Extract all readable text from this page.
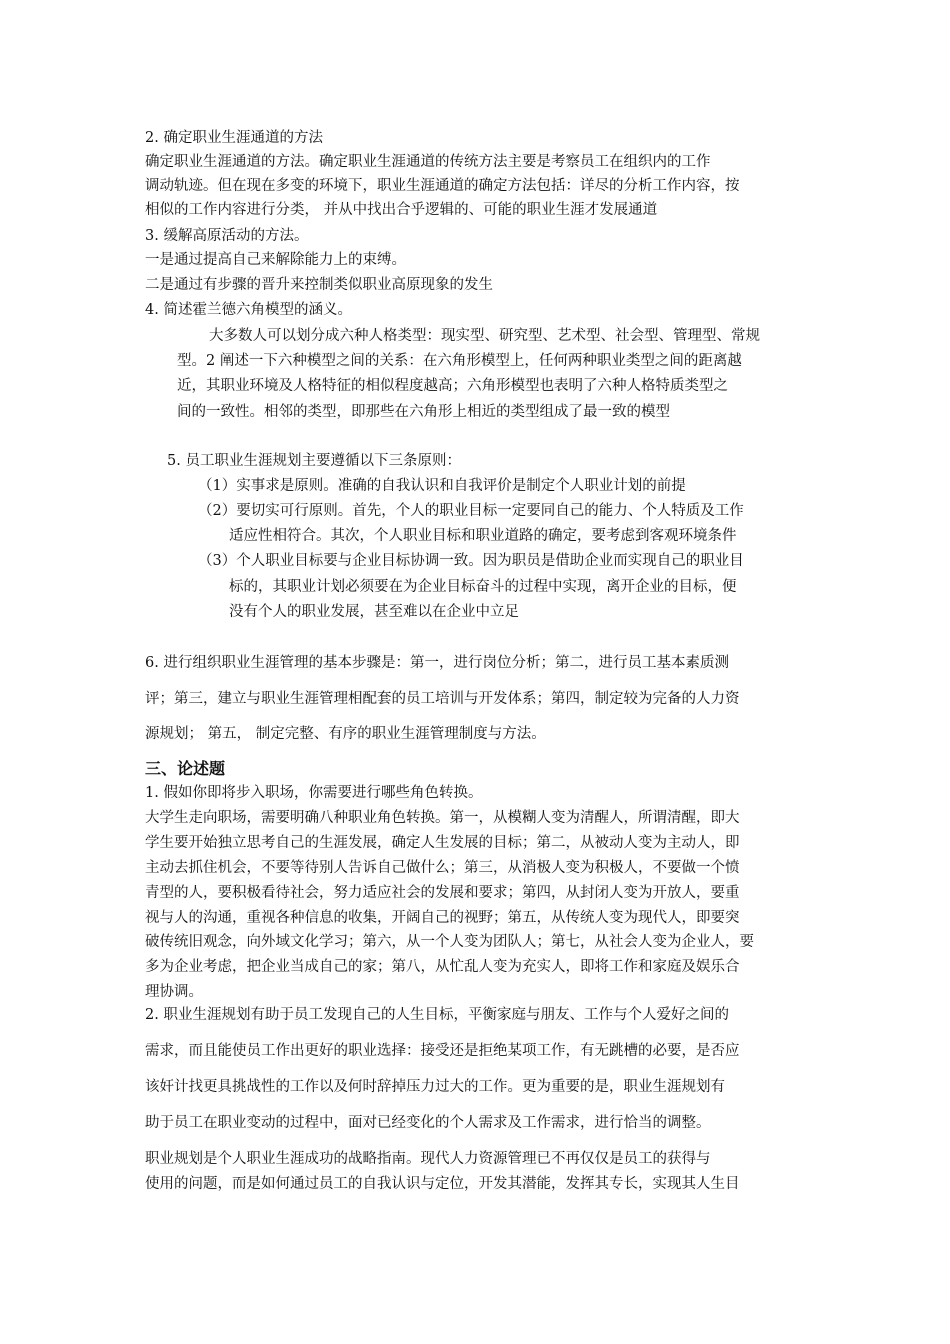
2. 确定职业生涯通道的方法
确定职业生涯通道的方法。确定职业生涯通道的传统方法主要是考察员工在组织内的工作
调动轨迹。但在现在多变的环境下，职业生涯通道的确定方法包括：详尽的分析工作内容，按
相似的工作内容进行分类， 并从中找出合乎逻辑的、可能的职业生涯才发展通道
3. 缓解高原活动的方法。
一是通过提高自己来解除能力上的束缚。
二是通过有步骤的晋升来控制类似职业高原现象的发生
4. 简述霍兰德六角模型的涵义。
大多数人可以划分成六种人格类型：现实型、研究型、艺术型、社会型、管理型、常规
型。2 阐述一下六种模型之间的关系：在六角形模型上，任何两种职业类型之间的距离越
近，其职业环境及人格特征的相似程度越高；六角形模型也表明了六种人格特质类型之
间的一致性。相邻的类型，即那些在六角形上相近的类型组成了最一致的模型
5. 员工职业生涯规划主要遵循以下三条原则：
（1）实事求是原则。准确的自我认识和自我评价是制定个人职业计划的前提
（2）要切实可行原则。首先，个人的职业目标一定要同自己的能力、个人特质及工作
适应性相符合。其次，个人职业目标和职业道路的确定，要考虑到客观环境条件
（3）个人职业目标要与企业目标协调一致。因为职员是借助企业而实现自己的职业目
标的，其职业计划必须要在为企业目标奋斗的过程中实现，离开企业的目标，便
没有个人的职业发展，甚至难以在企业中立足
6. 进行组织职业生涯管理的基本步骤是：第一，进行岗位分析；第二，进行员工基本素质测
评；第三，建立与职业生涯管理相配套的员工培训与开发体系；第四，制定较为完备的人力资
源规划； 第五， 制定完整、有序的职业生涯管理制度与方法。
三、论述题
1. 假如你即将步入职场，你需要进行哪些角色转换。
大学生走向职场，需要明确八种职业角色转换。第一，从模糊人变为清醒人，所谓清醒，即大
学生要开始独立思考自己的生涯发展，确定人生发展的目标；第二，从被动人变为主动人，即
主动去抓住机会，不要等待别人告诉自己做什么；第三，从消极人变为积极人，不要做一个愤
青型的人，要积极看待社会，努力适应社会的发展和要求；第四，从封闭人变为开放人，要重
视与人的沟通，重视各种信息的收集，开阔自己的视野；第五，从传统人变为现代人，即要突
破传统旧观念，向外域文化学习；第六，从一个人变为团队人；第七，从社会人变为企业人，要
多为企业考虑，把企业当成自己的家；第八，从忙乱人变为充实人，即将工作和家庭及娱乐合
理协调。
2. 职业生涯规划有助于员工发现自己的人生目标，平衡家庭与朋友、工作与个人爱好之间的
需求，而且能使员工作出更好的职业选择：接受还是拒绝某项工作，有无跳槽的必要，是否应
该奸计找更具挑战性的工作以及何时辞掉压力过大的工作。更为重要的是，职业生涯规划有
助于员工在职业变动的过程中，面对已经变化的个人需求及工作需求，进行恰当的调整。
职业规划是个人职业生涯成功的战略指南。现代人力资源管理已不再仅仅是员工的获得与
使用的问题，而是如何通过员工的自我认识与定位，开发其潜能，发挥其专长，实现其人生目
